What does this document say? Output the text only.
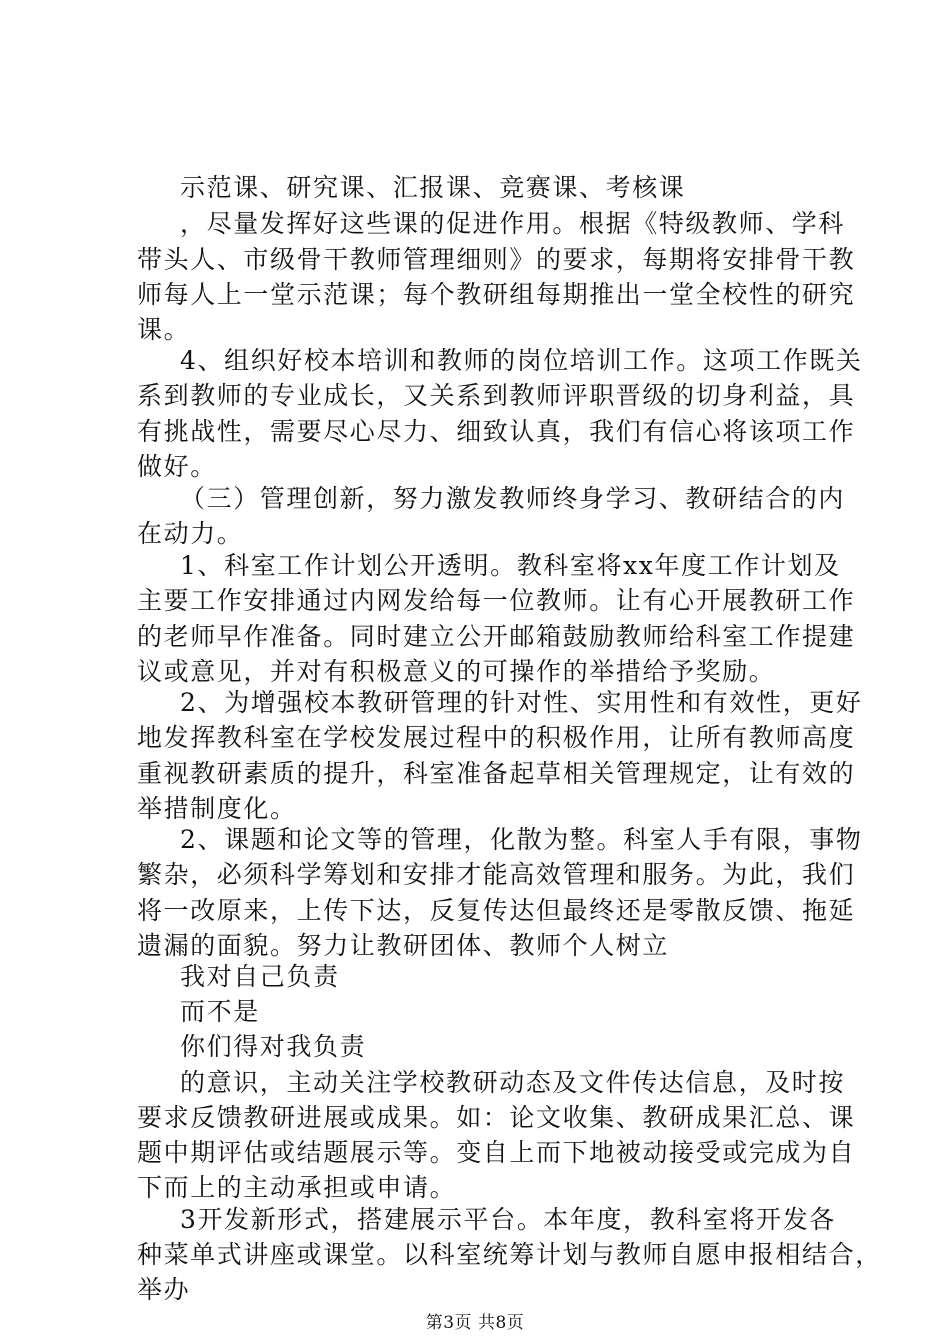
示范课、研究课、汇报课、竞赛课、考核课
，尽量发挥好这些课的促进作用。根据《特级教师、学科
带头人、市级骨干教师管理细则》的要求，每期将安排骨干教
师每人上一堂示范课；每个教研组每期推出一堂全校性的研究
课。
4、组织好校本培训和教师的岗位培训工作。这项工作既关
系到教师的专业成长，又关系到教师评职晋级的切身利益，具
有挑战性，需要尽心尽力、细致认真，我们有信心将该项工作
做好。
（三）管理创新，努力激发教师终身学习、教研结合的内
在动力。
1、科室工作计划公开透明。教科室将xx年度工作计划及
主要工作安排通过内网发给每一位教师。让有心开展教研工作
的老师早作准备。同时建立公开邮箱鼓励教师给科室工作提建
议或意见，并对有积极意义的可操作的举措给予奖励。
2、为增强校本教研管理的针对性、实用性和有效性，更好
地发挥教科室在学校发展过程中的积极作用，让所有教师高度
重视教研素质的提升，科室准备起草相关管理规定，让有效的
举措制度化。
2、课题和论文等的管理，化散为整。科室人手有限，事物
繁杂，必须科学筹划和安排才能高效管理和服务。为此，我们
将一改原来，上传下达，反复传达但最终还是零散反馈、拖延
遗漏的面貌。努力让教研团体、教师个人树立
我对自己负责
而不是
你们得对我负责
的意识，主动关注学校教研动态及文件传达信息，及时按
要求反馈教研进展或成果。如：论文收集、教研成果汇总、课
题中期评估或结题展示等。变自上而下地被动接受或完成为自
下而上的主动承担或申请。
3开发新形式，搭建展示平台。本年度，教科室将开发各
种菜单式讲座或课堂。以科室统筹计划与教师自愿申报相结合，
举办
第3页 共8页
